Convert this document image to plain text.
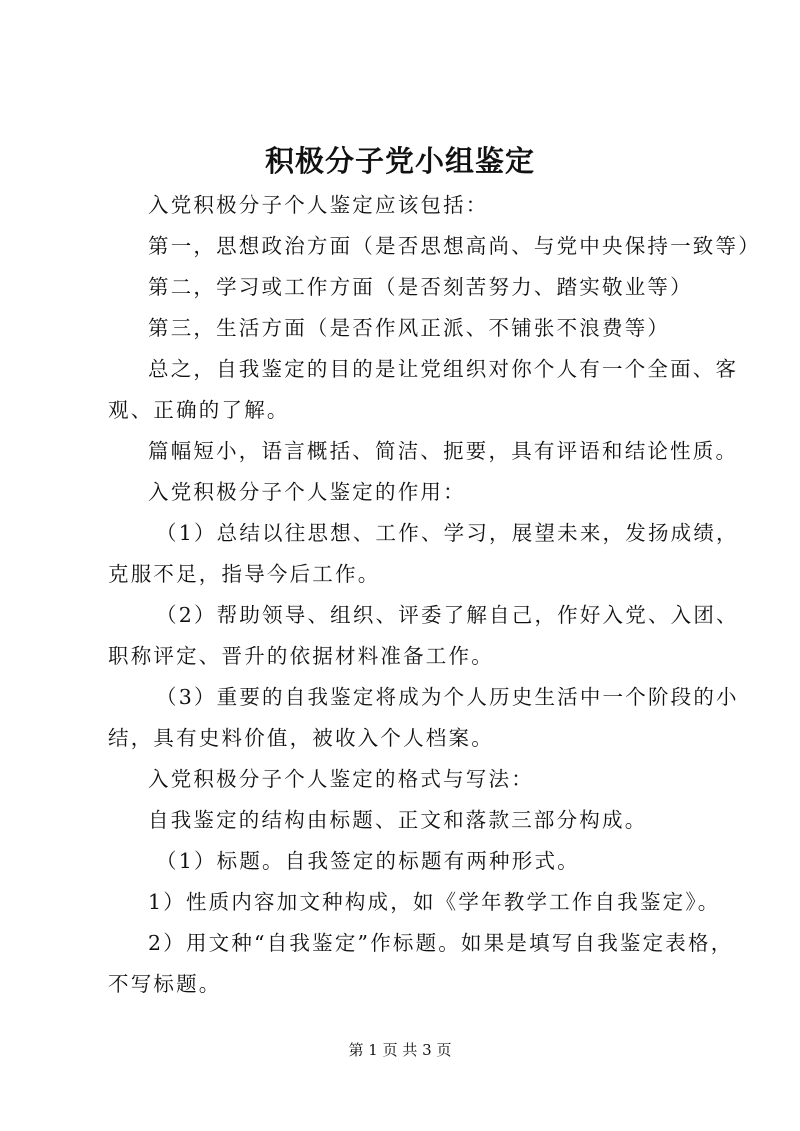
积极分子党小组鉴定
入党积极分子个人鉴定应该包括：
第一，思想政治方面（是否思想高尚、与党中央保持一致等）
第二，学习或工作方面（是否刻苦努力、踏实敬业等）
第三，生活方面（是否作风正派、不铺张不浪费等）
总之，自我鉴定的目的是让党组织对你个人有一个全面、客
观、正确的了解。
篇幅短小，语言概括、简洁、扼要，具有评语和结论性质。
入党积极分子个人鉴定的作用：
（1）总结以往思想、工作、学习，展望未来，发扬成绩，
克服不足，指导今后工作。
（2）帮助领导、组织、评委了解自己，作好入党、入团、
职称评定、晋升的依据材料准备工作。
（3）重要的自我鉴定将成为个人历史生活中一个阶段的小
结，具有史料价值，被收入个人档案。
入党积极分子个人鉴定的格式与写法：
自我鉴定的结构由标题、正文和落款三部分构成。
（1）标题。自我签定的标题有两种形式。
1）性质内容加文种构成，如《学年教学工作自我鉴定》。
2）用文种“自我鉴定”作标题。如果是填写自我鉴定表格，
不写标题。
第 1 页 共 3 页
